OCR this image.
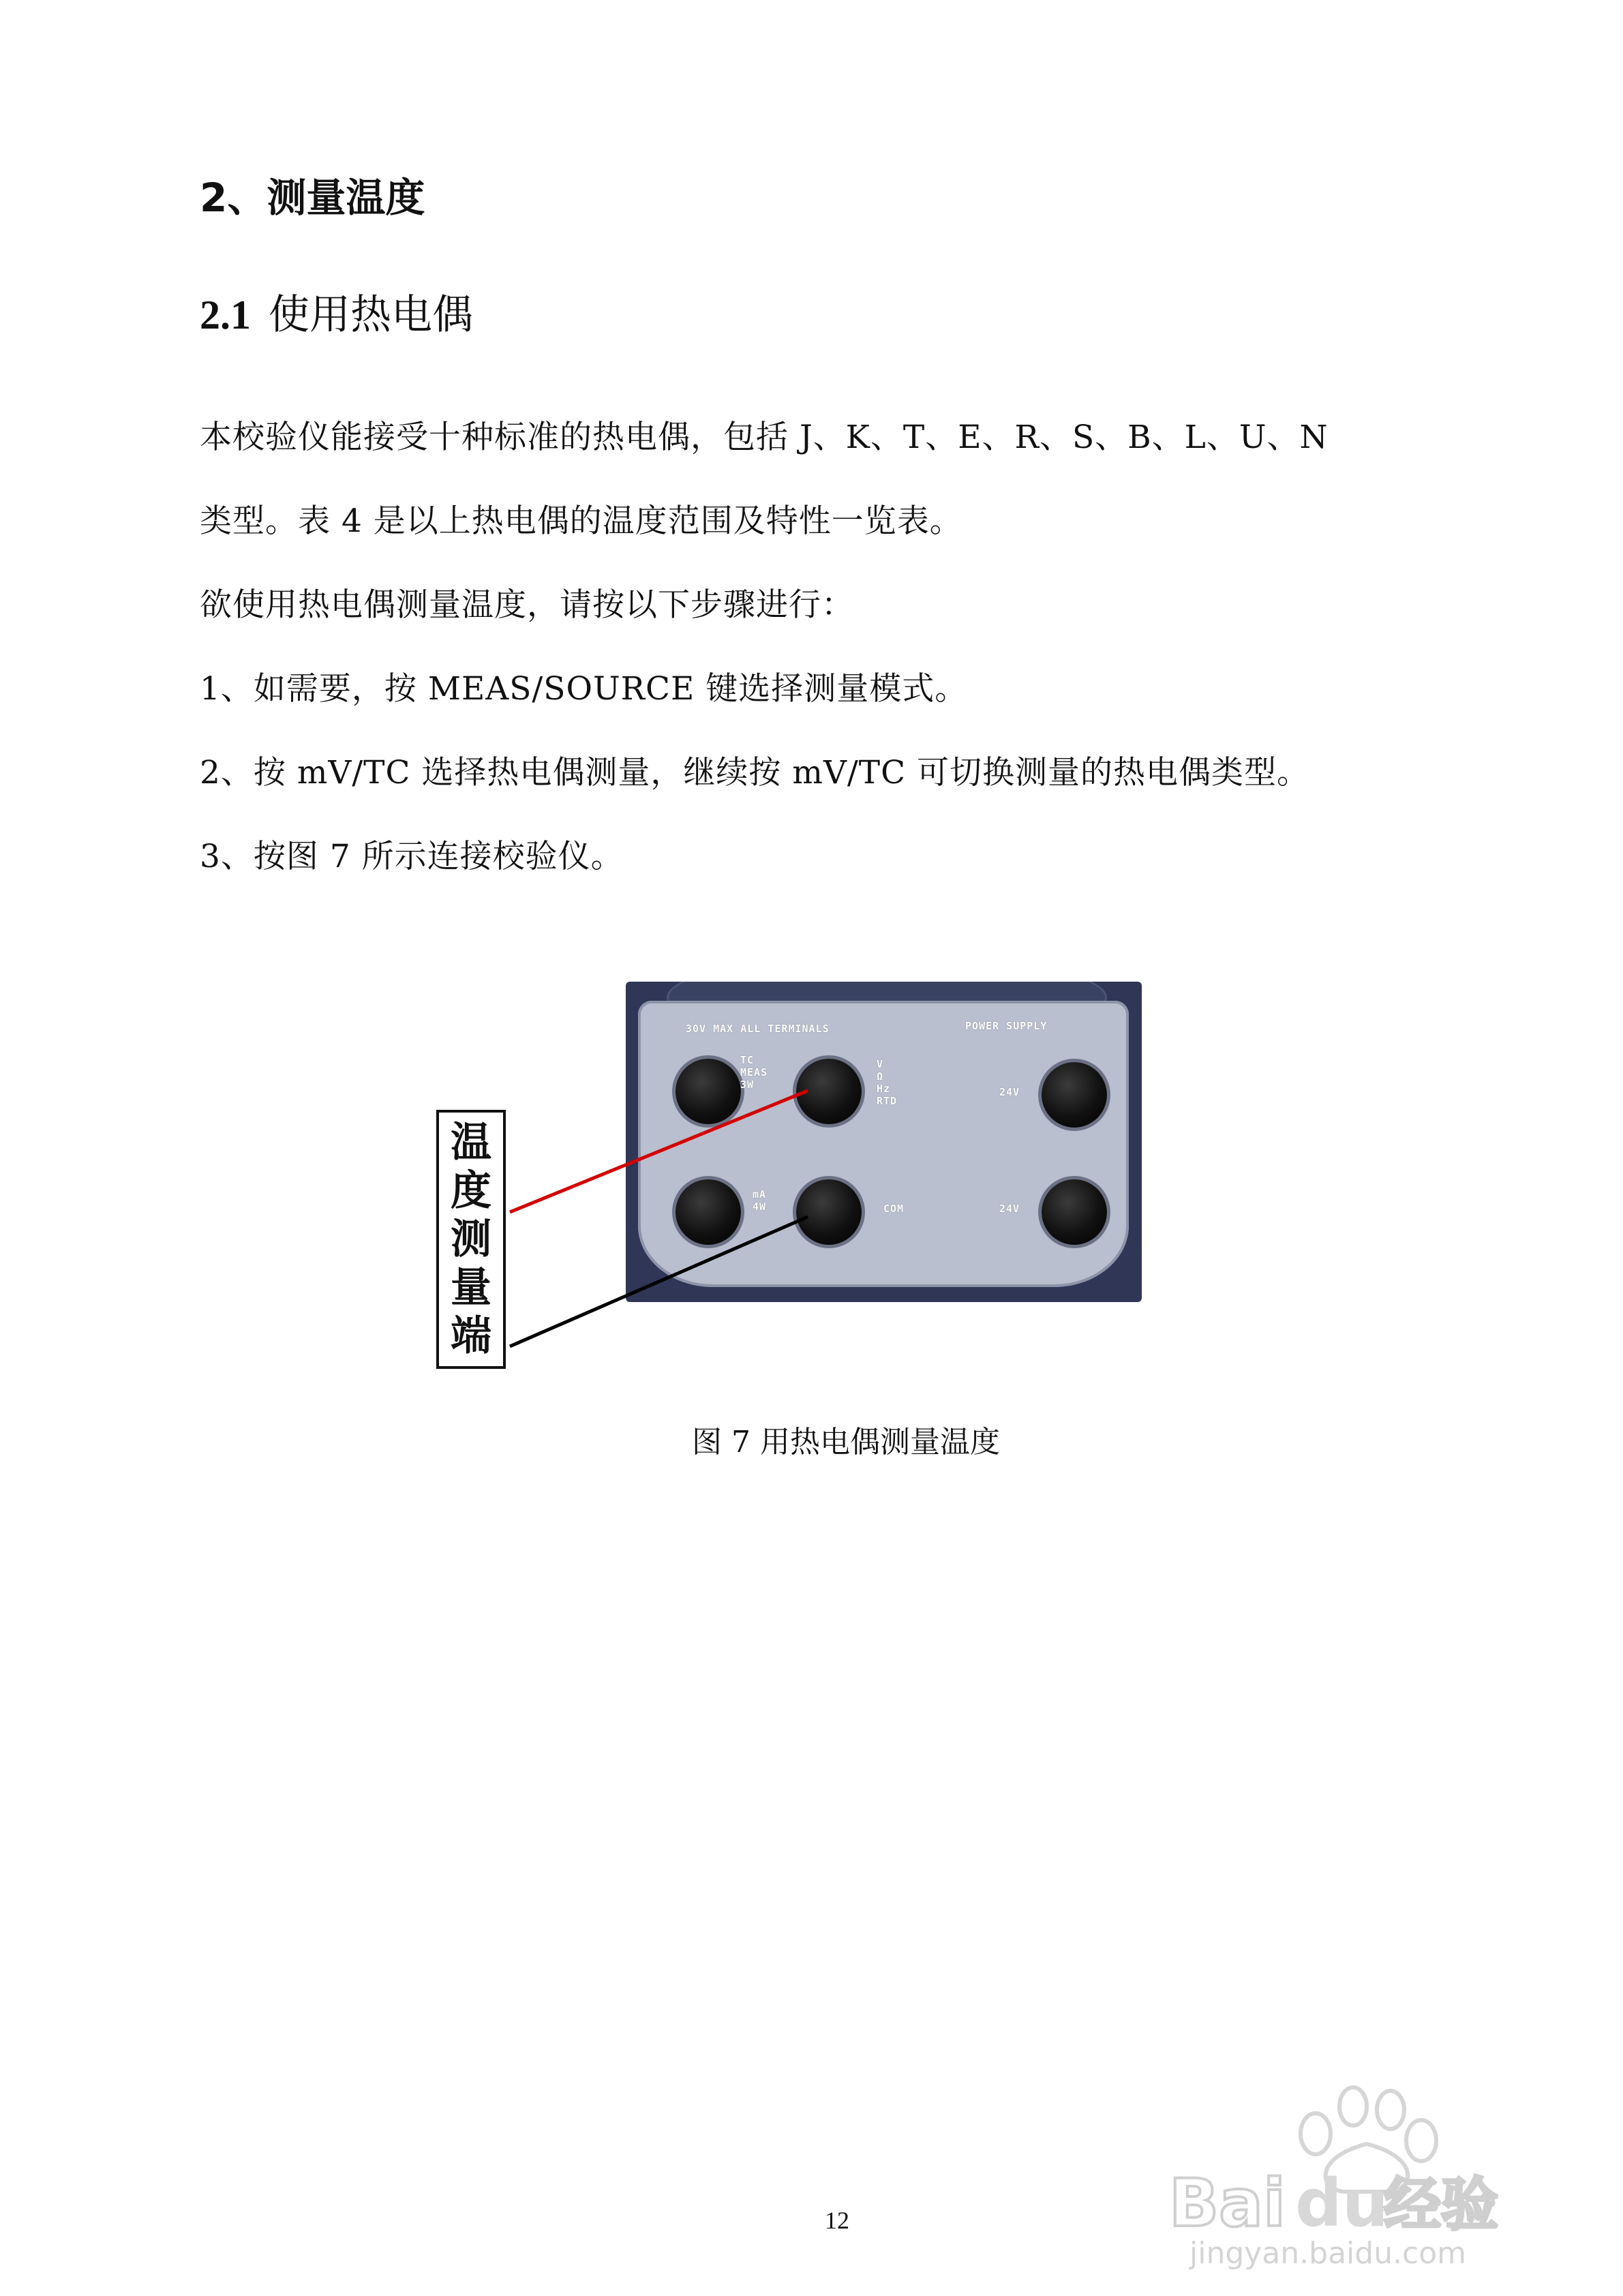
2、测量温度
2.1 使用热电偶
本校验仪能接受十种标准的热电偶，包括 J、K、T、E、R、S、B、L、U、N
类型。表 4 是以上热电偶的温度范围及特性一览表。
欲使用热电偶测量温度，请按以下步骤进行：
1、如需要，按 MEAS/SOURCE 键选择测量模式。
2、按 mV/TC 选择热电偶测量，继续按 mV/TC 可切换测量的热电偶类型。
3、按图 7 所示连接校验仪。
30V MAX ALL TERMINALS	POWER SUPPLY
TC
MEAS
3W
V
Ω
Hz
RTD
24V
mA
4W	COM	24V
温
度
测
量
端
图 7 用热电偶测量温度
12	Bai du
经验
jingyan.baidu.com
